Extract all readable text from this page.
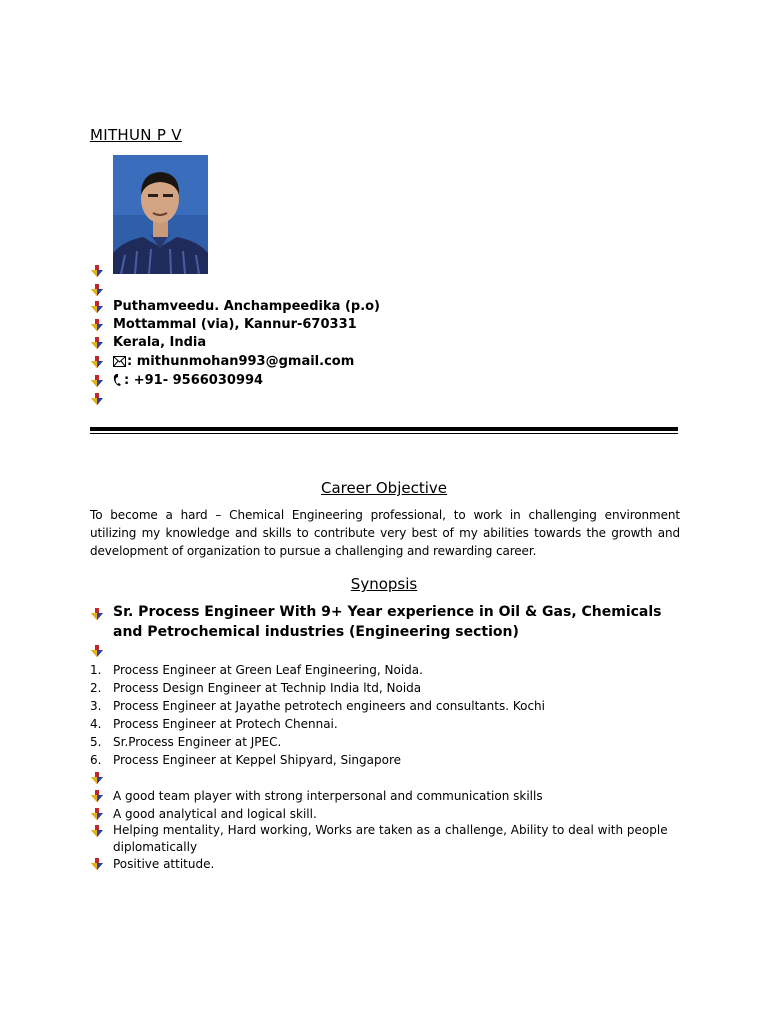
MITHUN P V
Puthamveedu. Anchampeedika (p.o)
Mottammal (via), Kannur-670331
Kerala, India
: mithunmohan993@gmail.com
: +91- 9566030994
Career Objective
To become a hard – Chemical Engineering professional, to work in challenging environment utilizing my knowledge and skills to contribute very best of my abilities towards the growth and development of organization to pursue a challenging and rewarding career.
Synopsis
Sr. Process Engineer With 9+ Year experience in Oil & Gas, Chemicals and Petrochemical industries (Engineering section)
1. Process Engineer at Green Leaf Engineering, Noida.
2. Process Design Engineer at Technip India ltd, Noida
3. Process Engineer at Jayathe petrotech engineers and consultants. Kochi
4. Process Engineer at Protech Chennai.
5. Sr.Process Engineer at JPEC.
6. Process Engineer at Keppel Shipyard, Singapore
A good team player with strong interpersonal and communication skills
A good analytical and logical skill.
Helping mentality, Hard working, Works are taken as a challenge, Ability to deal with people diplomatically
Positive attitude.
